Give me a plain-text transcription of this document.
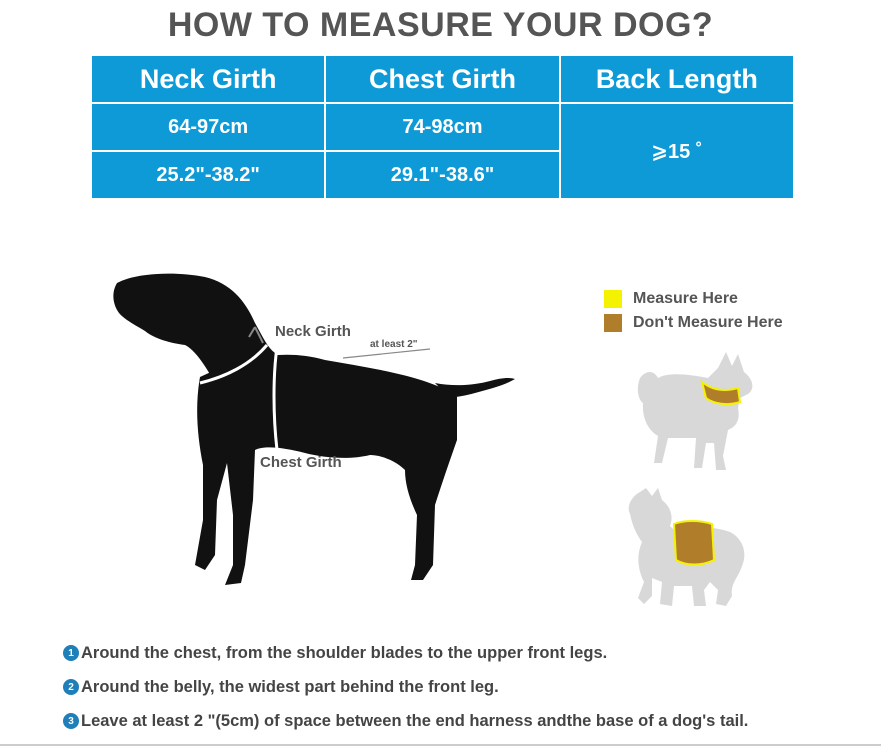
HOW TO MEASURE YOUR DOG?
Neck Girth	Chest Girth	Back Length
64-97cm	74-98cm	⩾15 ˚
25.2"-38.2"	29.1"-38.6"	
Neck Girth
at least 2"
Chest Girth
Measure Here
Don't Measure Here
1 Around the chest, from the shoulder blades to the upper front legs.
2 Around the belly, the widest part behind the front leg.
3 Leave at least 2 "(5cm) of space between the end harness andthe base of a dog's tail.
